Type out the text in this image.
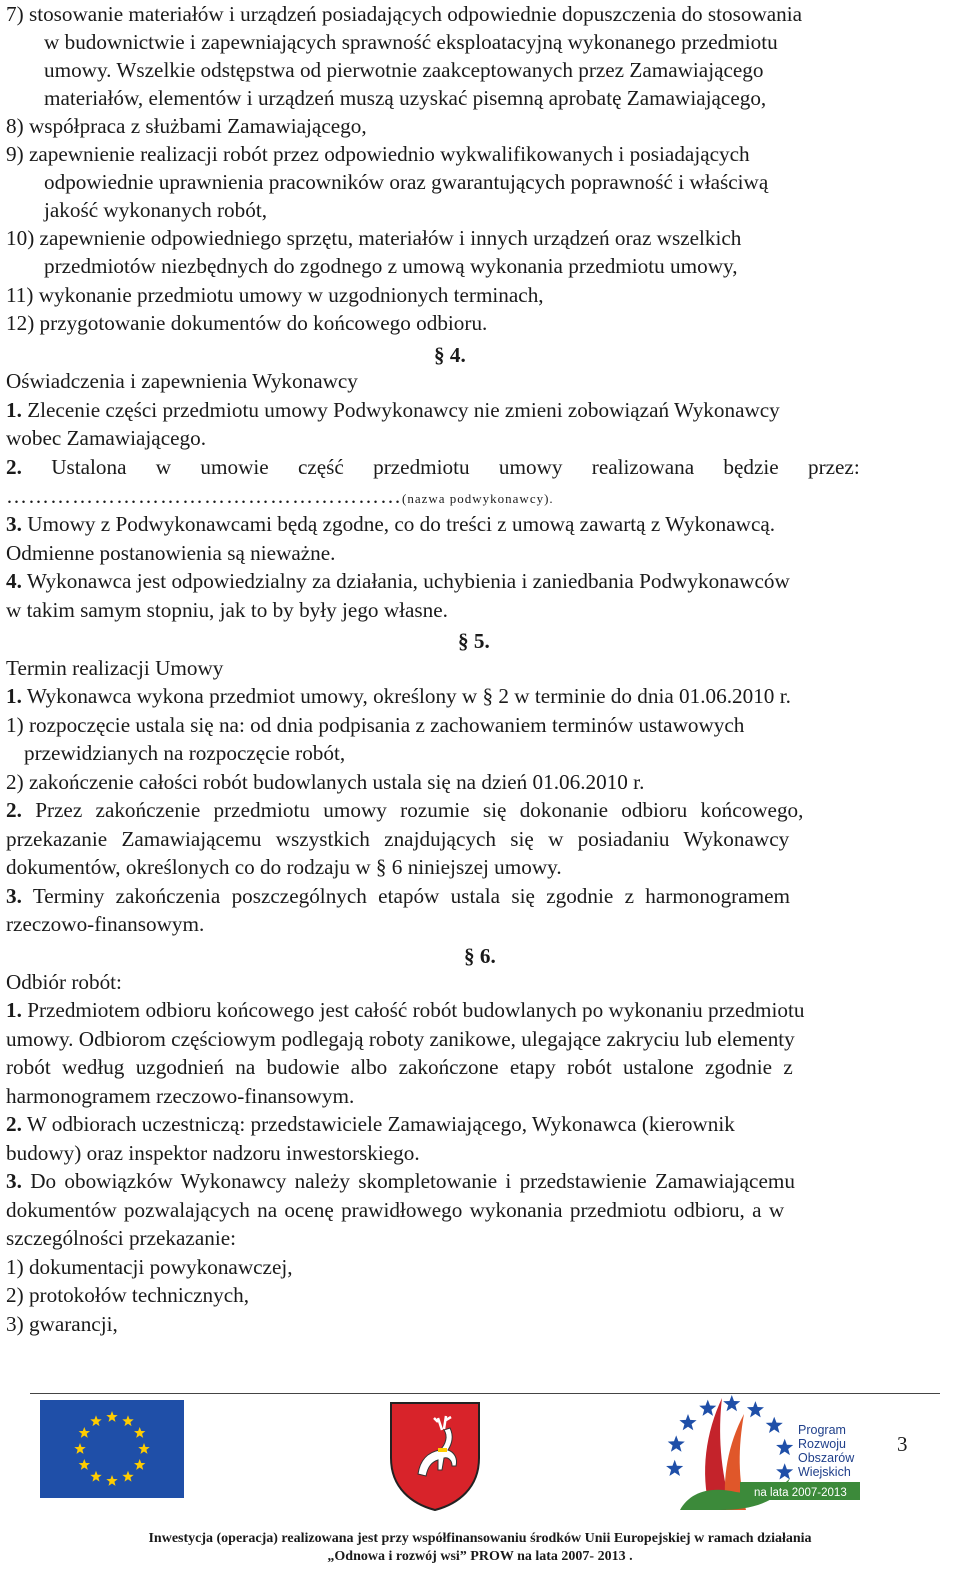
7) stosowanie materiałów i urządzeń posiadających odpowiednie dopuszczenia do stosowania
w budownictwie i zapewniających sprawność eksploatacyjną wykonanego przedmiotu
umowy. Wszelkie odstępstwa od pierwotnie zaakceptowanych przez Zamawiającego
materiałów, elementów i urządzeń muszą uzyskać pisemną aprobatę Zamawiającego,
8) współpraca z służbami Zamawiającego,
9) zapewnienie realizacji robót przez odpowiednio wykwalifikowanych i posiadających
odpowiednie uprawnienia pracowników oraz gwarantujących poprawność i właściwą
jakość wykonanych robót,
10) zapewnienie odpowiedniego sprzętu, materiałów i innych urządzeń oraz wszelkich
przedmiotów niezbędnych do zgodnego z umową wykonania przedmiotu umowy,
11) wykonanie przedmiotu umowy w uzgodnionych terminach,
12) przygotowanie dokumentów do końcowego odbioru.
§ 4.
Oświadczenia i zapewnienia Wykonawcy
1. Zlecenie części przedmiotu umowy Podwykonawcy nie zmieni zobowiązań Wykonawcy
wobec Zamawiającego.
2. Ustalona w umowie część przedmiotu umowy realizowana będzie przez:
………………………………………………(nazwa podwykonawcy).
3. Umowy z Podwykonawcami będą zgodne, co do treści z umową zawartą z Wykonawcą.
Odmienne postanowienia są nieważne.
4. Wykonawca jest odpowiedzialny za działania, uchybienia i zaniedbania Podwykonawców
w takim samym stopniu, jak to by były jego własne.
§ 5.
Termin realizacji Umowy
1. Wykonawca wykona przedmiot umowy, określony w § 2 w terminie do dnia 01.06.2010 r.
1) rozpoczęcie ustala się na: od dnia podpisania z zachowaniem terminów ustawowych
przewidzianych na rozpoczęcie robót,
2) zakończenie całości robót budowlanych ustala się na dzień 01.06.2010 r.
2. Przez zakończenie przedmiotu umowy rozumie się dokonanie odbioru końcowego,
przekazanie Zamawiającemu wszystkich znajdujących się w posiadaniu Wykonawcy
dokumentów, określonych co do rodzaju w § 6 niniejszej umowy.
3. Terminy zakończenia poszczególnych etapów ustala się zgodnie z harmonogramem
rzeczowo-finansowym.
§ 6.
Odbiór robót:
1. Przedmiotem odbioru końcowego jest całość robót budowlanych po wykonaniu przedmiotu
umowy. Odbiorom częściowym podlegają roboty zanikowe, ulegające zakryciu lub elementy
robót według uzgodnień na budowie albo zakończone etapy robót ustalone zgodnie z
harmonogramem rzeczowo-finansowym.
2. W odbiorach uczestniczą: przedstawiciele Zamawiającego, Wykonawca (kierownik
budowy) oraz inspektor nadzoru inwestorskiego.
3. Do obowiązków Wykonawcy należy skompletowanie i przedstawienie Zamawiającemu
dokumentów pozwalających na ocenę prawidłowego wykonania przedmiotu odbioru, a w
szczególności przekazanie:
1) dokumentacji powykonawczej,
2) protokołów technicznych,
3) gwarancji,
Program
Rozwoju
Obszarów
Wiejskich
na lata 2007-2013
3
Inwestycja (operacja) realizowana jest przy współfinansowaniu środków Unii Europejskiej w ramach działania
„Odnowa i rozwój wsi” PROW na lata 2007- 2013 .
